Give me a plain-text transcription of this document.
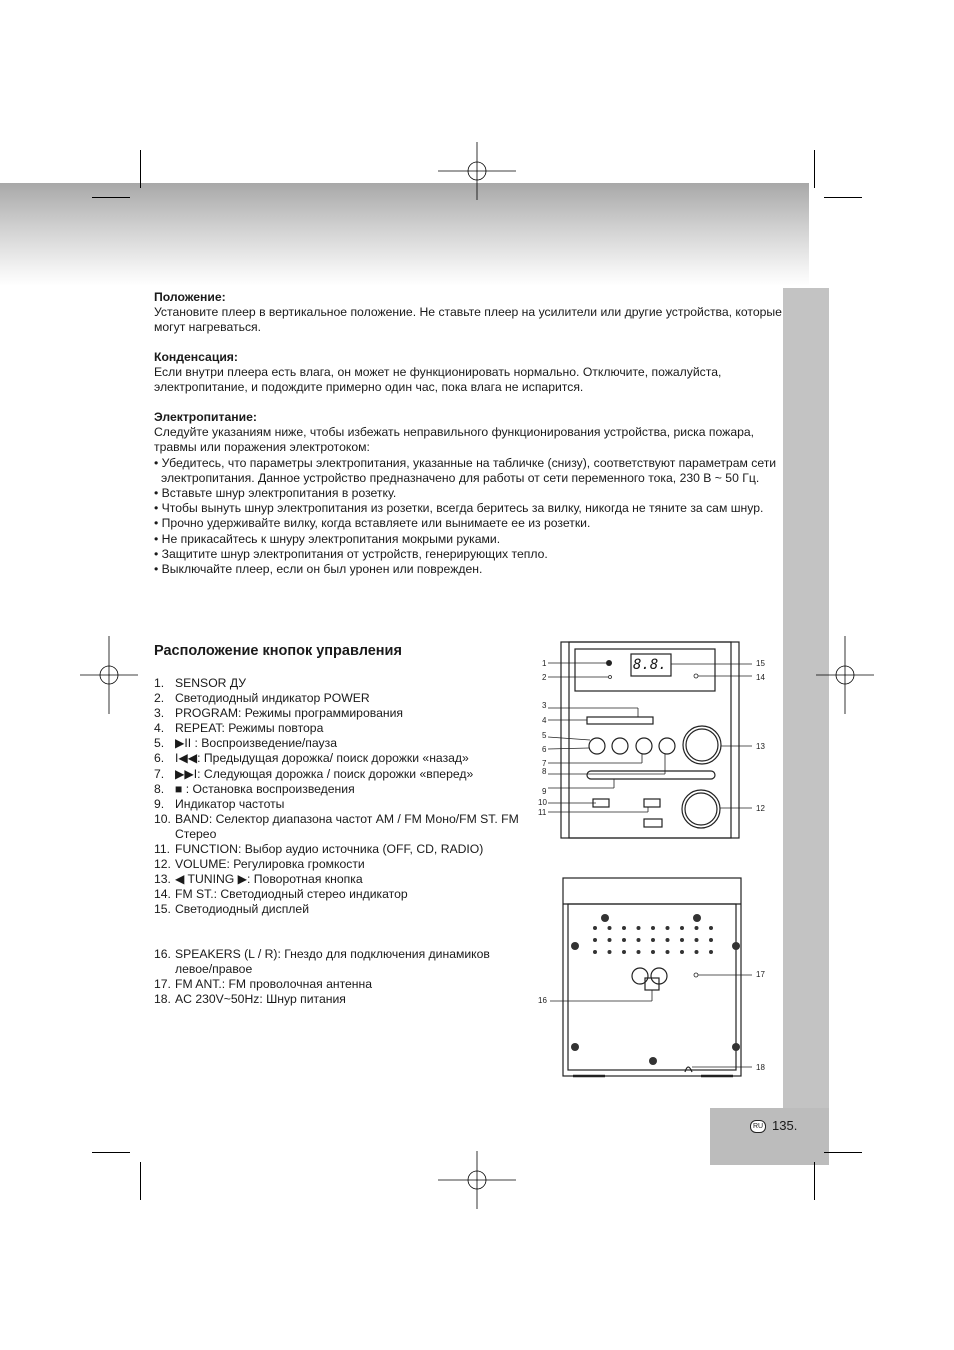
RU 135.

Положение:

Установите плеер в вертикальное положение. Не ставьте плеер на усилители или другие устройства, которые могут нагреваться.

Конденсация:

Если внутри плеера есть влага, он может не функционировать нормально. Отключите, пожалуйста, электропитание, и подождите примерно один час, пока влага не испарится.

Электропитание:

Следуйте указаниям ниже, чтобы избежать неправильного функционирования устройства, риска пожара, травмы или поражения электротоком:

• Убедитесь, что параметры электропитания, указанные на табличке (снизу), соответствуют параметрам сети электропитания. Данное устройство предназначено для работы от сети переменного тока, 230 В ~ 50 Гц.

• Вставьте шнур электропитания в розетку.

• Чтобы вынуть шнур электропитания из розетки, всегда беритесь за вилку, никогда не тяните за сам шнур.

• Прочно удерживайте вилку, когда вставляете или вынимаете ее из розетки.

• Не прикасайтесь к шнуру электропитания мокрыми руками.

• Защитите шнур электропитания от устройств, генерирующих тепло.

• Выключайте плеер, если он был уронен или поврежден.

Расположение кнопок управления
1. SENSOR ДУ
2. Светодиодный индикатор POWER
3. PROGRAM: Режимы программирования
4. REPEAT: Режимы повтора
5. ▶II : Воспроизведение/пауза
6. I◀◀: Предыдущая дорожка/ поиск дорожки «назад»
7. ▶▶I: Следующая дорожка / поиск дорожки «вперед»
8. ■ : Остановка воспроизведения
9. Индикатор частоты
10. BAND: Селектор диапазона частот AM / FM Моно/FM ST. FM Стерео
11. FUNCTION: Выбор аудио источника (OFF, CD, RADIO)
12. VOLUME: Регулировка громкости
13. ◀ TUNING ▶: Поворотная кнопка
14. FM ST.: Светодиодный стерео индикатор
15. Светодиодный дисплей
16. SPEAKERS (L / R): Гнездо для подключения динамиков левое/правое
17. FM ANT.: FM проволочная антенна
18. AC 230V~50Hz: Шнур питания
8.8.
1
2
3
4
5
6
7
8
9
10
11
15
14
13
12
17
16
18
